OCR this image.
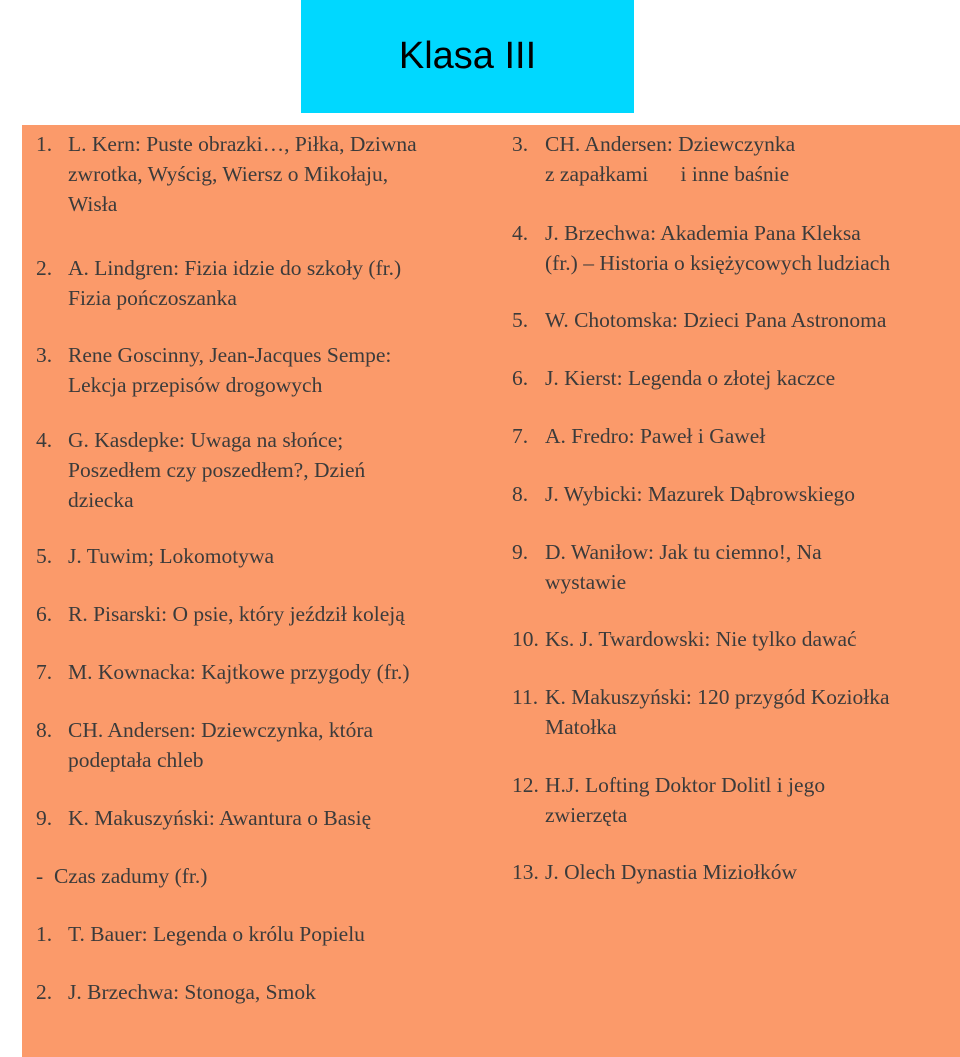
Klasa III
1. L. Kern: Puste obrazki…, Piłka, Dziwna
zwrotka, Wyścig, Wiersz o Mikołaju,
Wisła
2. A. Lindgren: Fizia idzie do szkoły (fr.)
Fizia pończoszanka
3. Rene Goscinny, Jean-Jacques Sempe:
Lekcja przepisów drogowych
4. G. Kasdepke: Uwaga na słońce;
Poszedłem czy poszedłem?, Dzień
dziecka
5. J. Tuwim; Lokomotywa
6. R. Pisarski: O psie, który jeździł koleją
7. M. Kownacka: Kajtkowe przygody (fr.)
8. CH. Andersen: Dziewczynka, która
podeptała chleb
9. K. Makuszyński: Awantura o Basię
- Czas zadumy (fr.)
1. T. Bauer: Legenda o królu Popielu
2. J. Brzechwa: Stonoga, Smok
3. CH. Andersen: Dziewczynka
z zapałkami      i inne baśnie
4. J. Brzechwa: Akademia Pana Kleksa
(fr.) – Historia o księżycowych ludziach
5. W. Chotomska: Dzieci Pana Astronoma
6. J. Kierst: Legenda o złotej kaczce
7. A. Fredro: Paweł i Gaweł
8. J. Wybicki: Mazurek Dąbrowskiego
9. D. Waniłow: Jak tu ciemno!, Na
wystawie
10. Ks. J. Twardowski: Nie tylko dawać
11. K. Makuszyński: 120 przygód Koziołka
Matołka
12. H.J. Lofting Doktor Dolitl i jego
zwierzęta
13. J. Olech Dynastia Miziołków
